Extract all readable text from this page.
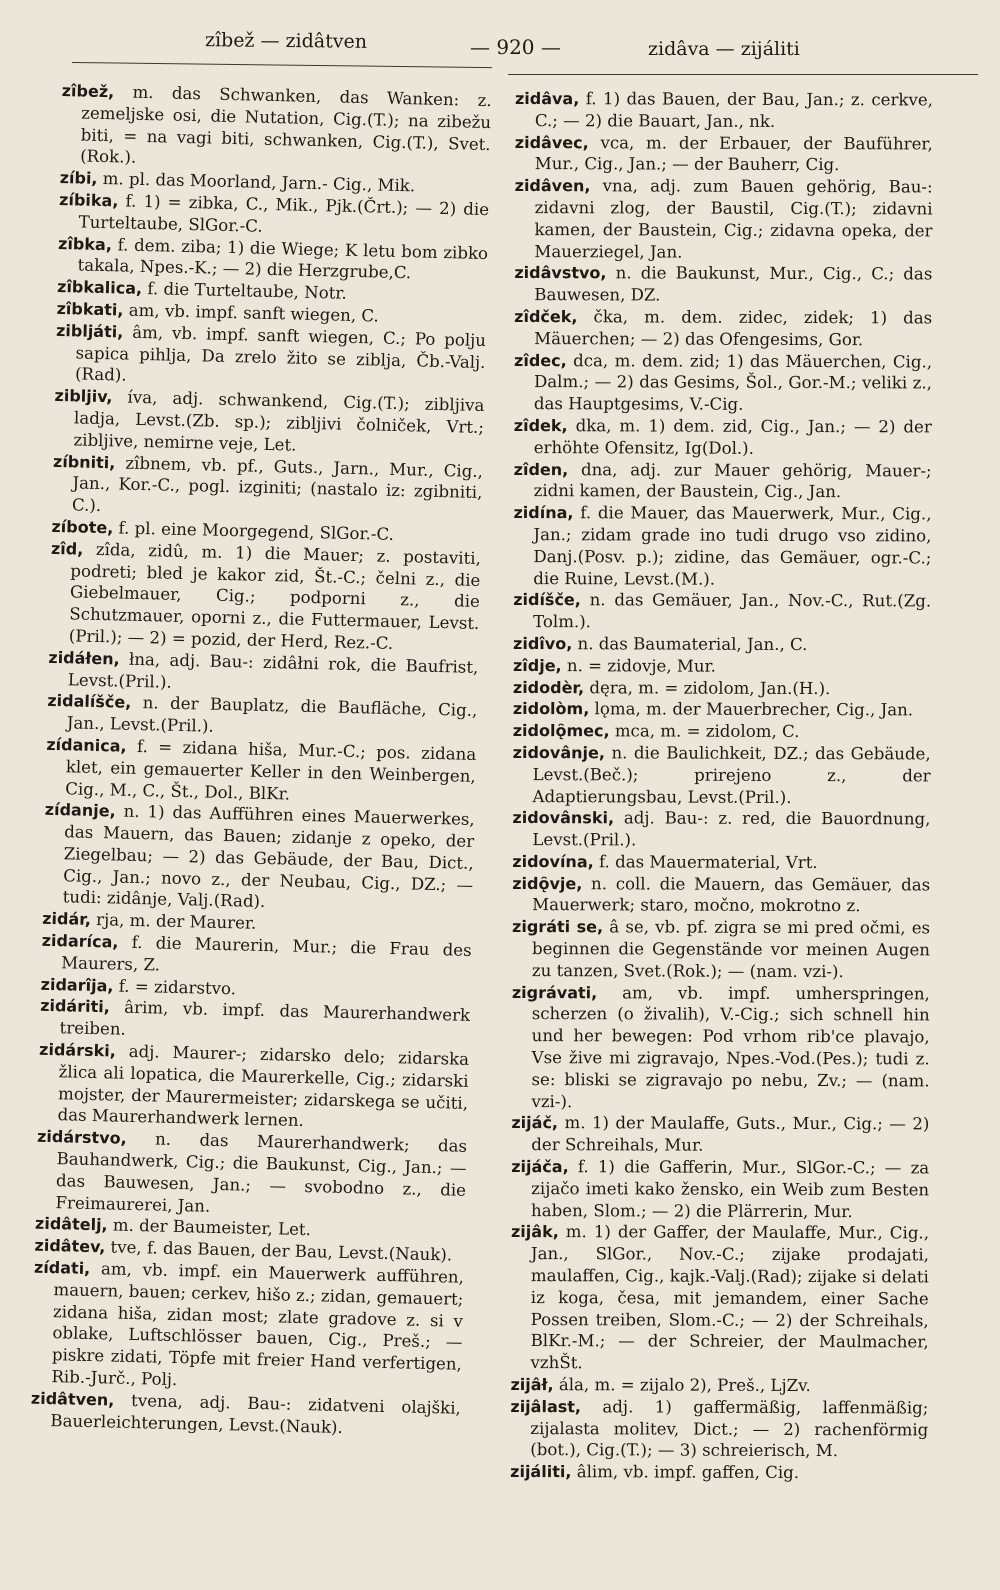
zîbež — zidâtven	— 920 —	zidâva — zijáliti

zîbež, m. das Schwanken, das Wanken: z. zemeljske osi, die Nutation, Cig.(T.); na zibežu biti, = na vagi biti, schwanken, Cig.(T.), Svet.(Rok.).

zíbi, m. pl. das Moorland, Jarn.- Cig., Mik.

zíbika, f. 1) = zibka, C., Mik., Pjk.(Črt.); — 2) die Turteltaube, SlGor.-C.

zîbka, f. dem. ziba; 1) die Wiege; K letu bom zibko takala, Npes.-K.; — 2) die Herzgrube,C.

zîbkalica, f. die Turteltaube, Notr.

zîbkati, am, vb. impf. sanft wiegen, C.

zibljáti, âm, vb. impf. sanft wiegen, C.; Po polju sapica pihlja, Da zrelo žito se ziblja, Čb.-Valj.(Rad).

zibljiv, íva, adj. schwankend, Cig.(T.); zibljiva ladja, Levst.(Zb. sp.); zibljivi čolniček, Vrt.; zibljive, nemirne veje, Let.

zíbniti, zîbnem, vb. pf., Guts., Jarn., Mur., Cig., Jan., Kor.-C., pogl. izginiti; (nastalo iz: zgibniti, C.).

zíbote, f. pl. eine Moorgegend, SlGor.-C.

zîd, zîda, zidû, m. 1) die Mauer; z. postaviti, podreti; bled je kakor zid, Št.-C.; čelni z., die Giebelmauer, Cig.; podporni z., die Schutzmauer, oporni z., die Futtermauer, Levst.(Pril.); — 2) = pozid, der Herd, Rez.-C.

zidáłen, łna, adj. Bau-: zidâłni rok, die Baufrist, Levst.(Pril.).

zidalíšče, n. der Bauplatz, die Baufläche, Cig., Jan., Levst.(Pril.).

zídanica, f. = zidana hiša, Mur.-C.; pos. zidana klet, ein gemauerter Keller in den Weinbergen, Cig., M., C., Št., Dol., BlKr.

zídanje, n. 1) das Aufführen eines Mauerwerkes, das Mauern, das Bauen; zidanje z opeko, der Ziegelbau; — 2) das Gebäude, der Bau, Dict., Cig., Jan.; novo z., der Neubau, Cig., DZ.; — tudi: zidânje, Valj.(Rad).

zidár, rja, m. der Maurer.

zidaríca, f. die Maurerin, Mur.; die Frau des Maurers, Z.

zidarîja, f. = zidarstvo.

zidáriti, ârim, vb. impf. das Maurerhandwerk treiben.

zidárski, adj. Maurer-; zidarsko delo; zidarska žlica ali lopatica, die Maurerkelle, Cig.; zidarski mojster, der Maurermeister; zidarskega se učiti, das Maurerhandwerk lernen.

zidárstvo, n. das Maurerhandwerk; das Bauhandwerk, Cig.; die Baukunst, Cig., Jan.; — das Bauwesen, Jan.; — svobodno z., die Freimaurerei, Jan.

zidâtelj, m. der Baumeister, Let.

zidâtev, tve, f. das Bauen, der Bau, Levst.(Nauk).

zídati, am, vb. impf. ein Mauerwerk aufführen, mauern, bauen; cerkev, hišo z.; zidan, gemauert; zidana hiša, zidan most; zlate gradove z. si v oblake, Luftschlösser bauen, Cig., Preš.; — piskre zidati, Töpfe mit freier Hand verfertigen, Rib.-Jurč., Polj.

zidâtven, tvena, adj. Bau-: zidatveni olajški, Bauerleichterungen, Levst.(Nauk).

zidâva, f. 1) das Bauen, der Bau, Jan.; z. cerkve, C.; — 2) die Bauart, Jan., nk.

zidâvec, vca, m. der Erbauer, der Bauführer, Mur., Cig., Jan.; — der Bauherr, Cig.

zidâven, vna, adj. zum Bauen gehörig, Bau-: zidavni zlog, der Baustil, Cig.(T.); zidavni kamen, der Baustein, Cig.; zidavna opeka, der Mauerziegel, Jan.

zidâvstvo, n. die Baukunst, Mur., Cig., C.; das Bauwesen, DZ.

zîdček, čka, m. dem. zidec, zidek; 1) das Mäuerchen; — 2) das Ofengesims, Gor.

zîdec, dca, m. dem. zid; 1) das Mäuerchen, Cig., Dalm.; — 2) das Gesims, Šol., Gor.-M.; veliki z., das Hauptgesims, V.-Cig.

zîdek, dka, m. 1) dem. zid, Cig., Jan.; — 2) der erhöhte Ofensitz, Ig(Dol.).

zîden, dna, adj. zur Mauer gehörig, Mauer-; zidni kamen, der Baustein, Cig., Jan.

zidína, f. die Mauer, das Mauerwerk, Mur., Cig., Jan.; zidam grade ino tudi drugo vso zidino, Danj.(Posv. p.); zidine, das Gemäuer, ogr.-C.; die Ruine, Levst.(M.).

zidíšče, n. das Gemäuer, Jan., Nov.-C., Rut.(Zg. Tolm.).

zidîvo, n. das Baumaterial, Jan., C.

zîdje, n. = zidovje, Mur.

zidodèr, dęra, m. = zidolom, Jan.(H.).

zidolòm, lǫma, m. der Mauerbrecher, Cig., Jan.

zidolǫ̑mec, mca, m. = zidolom, C.

zidovânje, n. die Baulichkeit, DZ.; das Gebäude, Levst.(Beč.); prirejeno z., der Adaptierungsbau, Levst.(Pril.).

zidovânski, adj. Bau-: z. red, die Bauordnung, Levst.(Pril.).

zidovína, f. das Mauermaterial, Vrt.

zidǫ̑vje, n. coll. die Mauern, das Gemäuer, das Mauerwerk; staro, močno, mokrotno z.

zigráti se, â se, vb. pf. zigra se mi pred očmi, es beginnen die Gegenstände vor meinen Augen zu tanzen, Svet.(Rok.); — (nam. vzi-).

zigrávati, am, vb. impf. umherspringen, scherzen (o živalih), V.-Cig.; sich schnell hin und her bewegen: Pod vrhom rib'ce plavajo, Vse žive mi zigravajo, Npes.-Vod.(Pes.); tudi z. se: bliski se zigravajo po nebu, Zv.; — (nam. vzi-).

zijáč, m. 1) der Maulaffe, Guts., Mur., Cig.; — 2) der Schreihals, Mur.

zijáča, f. 1) die Gafferin, Mur., SlGor.-C.; — za zijačo imeti kako žensko, ein Weib zum Besten haben, Slom.; — 2) die Plärrerin, Mur.

zijâk, m. 1) der Gaffer, der Maulaffe, Mur., Cig., Jan., SlGor., Nov.-C.; zijake prodajati, maulaffen, Cig., kajk.-Valj.(Rad); zijake si delati iz koga, česa, mit jemandem, einer Sache Possen treiben, Slom.-C.; — 2) der Schreihals, BlKr.-M.; — der Schreier, der Maulmacher, vzhŠt.

zijâł, ála, m. = zijalo 2), Preš., LjZv.

zijâlast, adj. 1) gaffermäßig, laffenmäßig; zijalasta molitev, Dict.; — 2) rachenförmig (bot.), Cig.(T.); — 3) schreierisch, M.

zijáliti, âlim, vb. impf. gaffen, Cig.
